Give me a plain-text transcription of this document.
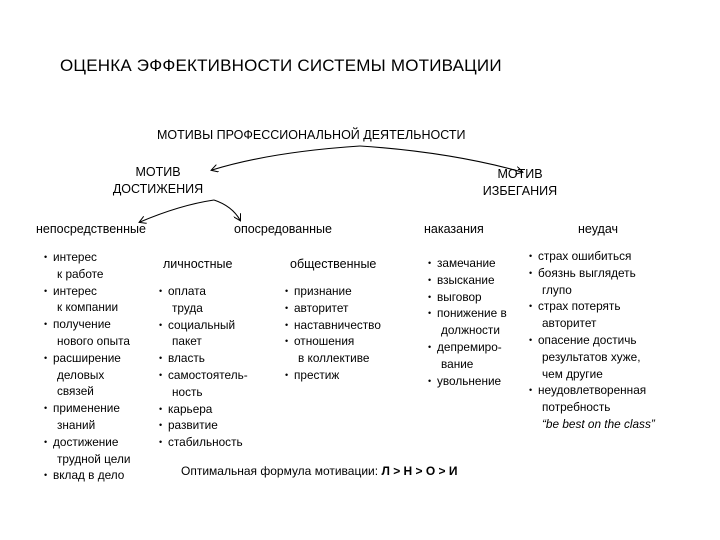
ОЦЕНКА ЭФФЕКТИВНОСТИ СИСТЕМЫ МОТИВАЦИИ
МОТИВЫ ПРОФЕССИОНАЛЬНОЙ ДЕЯТЕЛЬНОСТИ
МОТИВ
ДОСТИЖЕНИЯ
МОТИВ
ИЗБЕГАНИЯ
непосредственные	опосредованные	наказания	неудач
личностные	общественные
• интерес
к работе
• интерес
к компании
• получение
нового опыта
• расширение
деловых
связей
• применение
знаний
• достижение
трудной цели
• вклад в дело
• оплата
труда
• социальный
пакет
• власть
• самостоятель-
ность
• карьера
• развитие
• стабильность
• признание
• авторитет
• наставничество
• отношения
в коллективе
• престиж
• замечание
• взыскание
• выговор
• понижение в
должности
• депремиро-
вание
• увольнение
• страх ошибиться
• боязнь выглядеть
глупо
• страх потерять
авторитет
• опасение достичь
результатов хуже,
чем другие
• неудовлетворенная
потребность
“be best on the class”
Оптимальная формула мотивации: Л > Н > О > И
